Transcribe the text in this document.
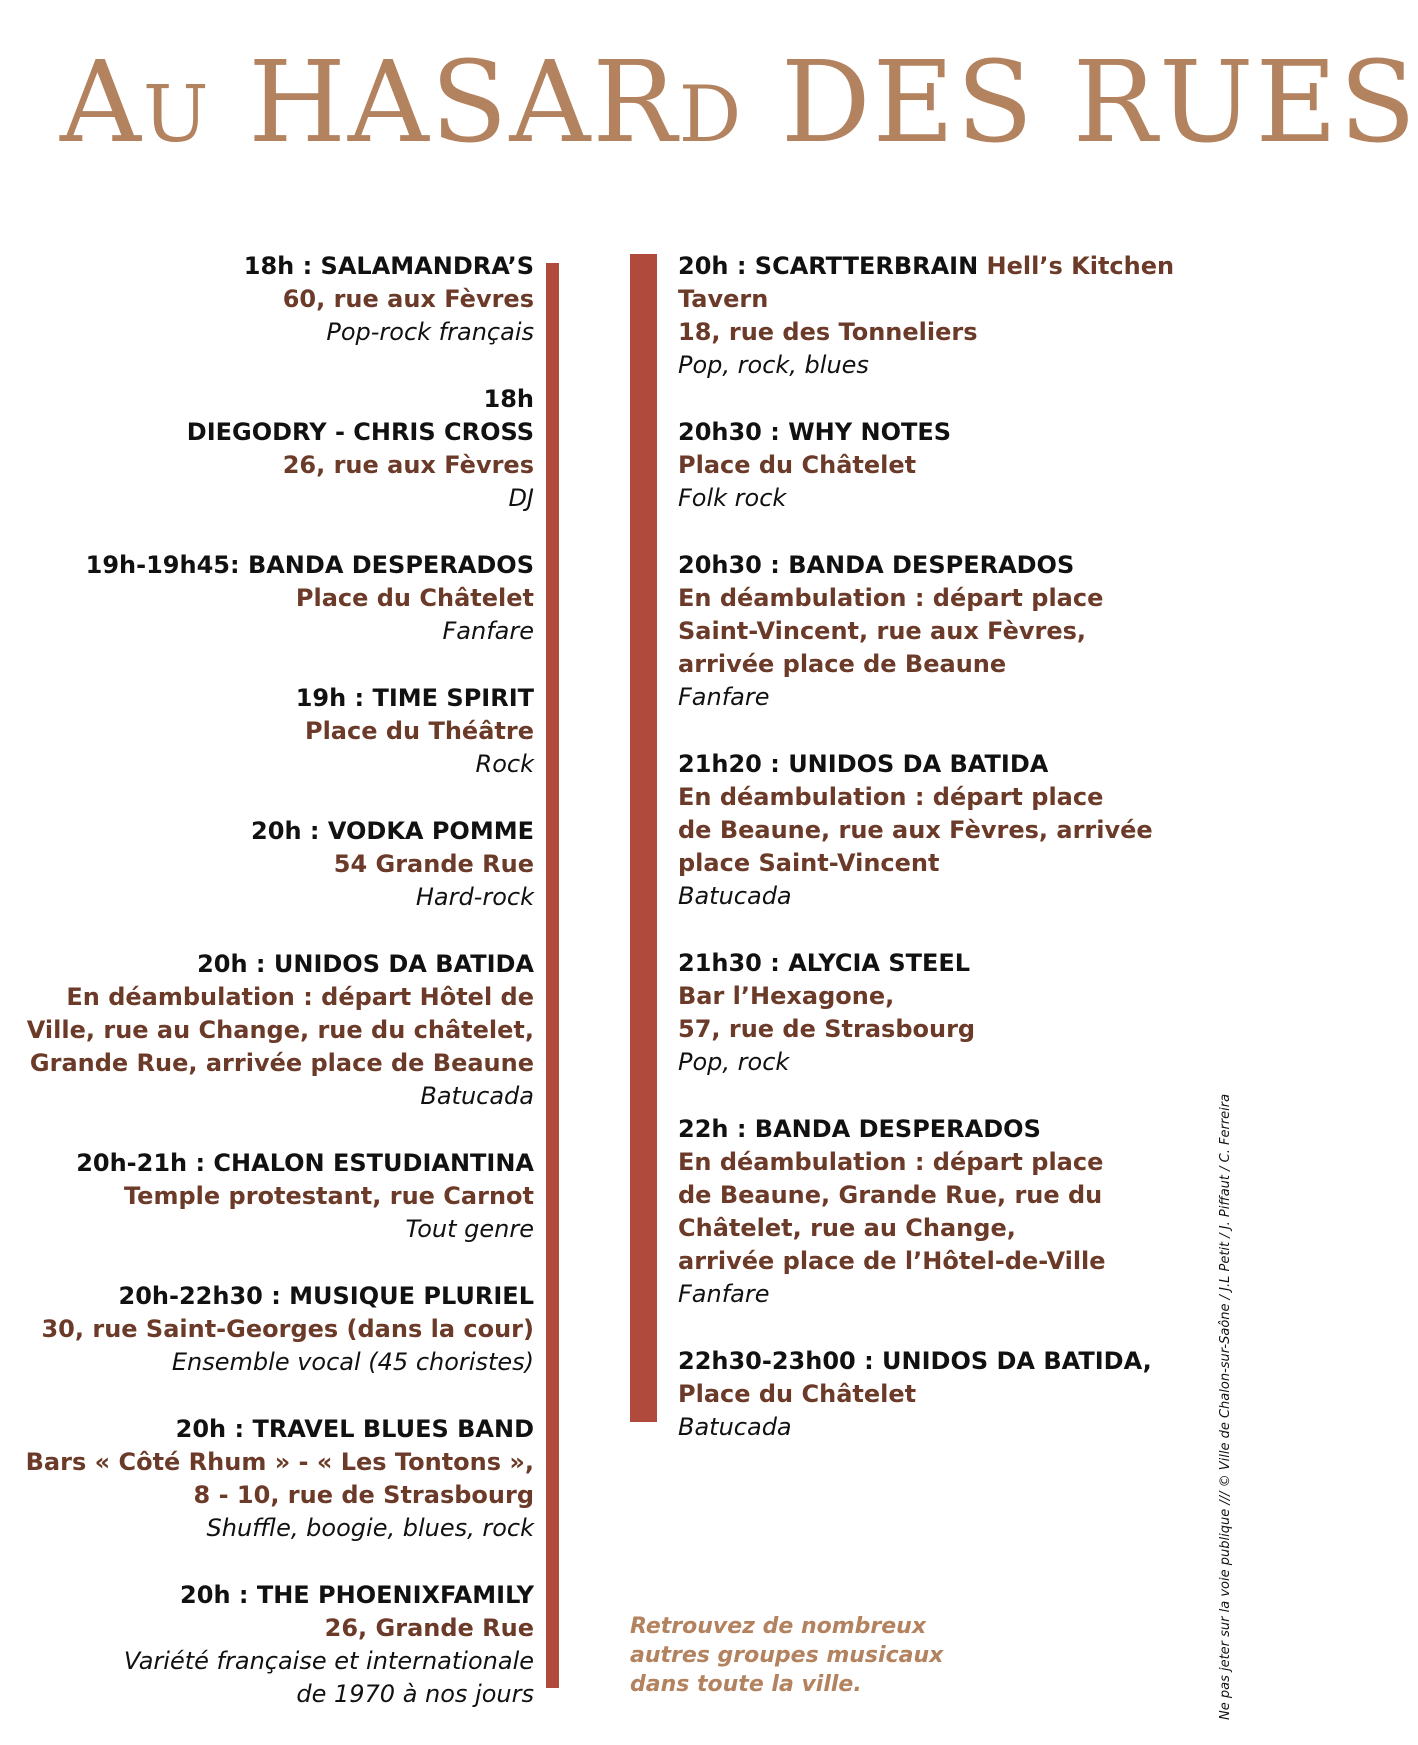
Au HASARd DES RUES
18h : SALAMANDRA’S
60, rue aux Fèvres
Pop-rock français
18h
DIEGODRY - CHRIS CROSS
26, rue aux Fèvres
DJ
19h-19h45: BANDA DESPERADOS
Place du Châtelet
Fanfare
19h : TIME SPIRIT
Place du Théâtre
Rock
20h : VODKA POMME
54 Grande Rue
Hard-rock
20h : UNIDOS DA BATIDA
En déambulation : départ Hôtel de
Ville, rue au Change, rue du châtelet,
Grande Rue, arrivée place de Beaune
Batucada
20h-21h : CHALON ESTUDIANTINA
Temple protestant, rue Carnot
Tout genre
20h-22h30 : MUSIQUE PLURIEL
30, rue Saint-Georges (dans la cour)
Ensemble vocal (45 choristes)
20h : TRAVEL BLUES BAND
Bars « Côté Rhum » - « Les Tontons »,
8 - 10, rue de Strasbourg
Shuffle, boogie, blues, rock
20h : THE PHOENIXFAMILY
26, Grande Rue
Variété française et internationale
de 1970 à nos jours
20h : SCARTTERBRAIN Hell’s Kitchen
Tavern
18, rue des Tonneliers
Pop, rock, blues
20h30 : WHY NOTES
Place du Châtelet
Folk rock
20h30 : BANDA DESPERADOS
En déambulation : départ place
Saint-Vincent, rue aux Fèvres,
arrivée place de Beaune
Fanfare
21h20 : UNIDOS DA BATIDA
En déambulation : départ place
de Beaune, rue aux Fèvres, arrivée
place Saint-Vincent
Batucada
21h30 : ALYCIA STEEL
Bar l’Hexagone,
57, rue de Strasbourg
Pop, rock
22h : BANDA DESPERADOS
En déambulation : départ place
de Beaune, Grande Rue, rue du
Châtelet, rue au Change,
arrivée place de l’Hôtel-de-Ville
Fanfare
22h30-23h00 : UNIDOS DA BATIDA,
Place du Châtelet
Batucada
Retrouvez de nombreux
autres groupes musicaux
dans toute la ville.	Ne pas jeter sur la voie publique /// © Ville de Chalon-sur-Saône / J.L Petit / J. Piffaut / C. Ferreira
